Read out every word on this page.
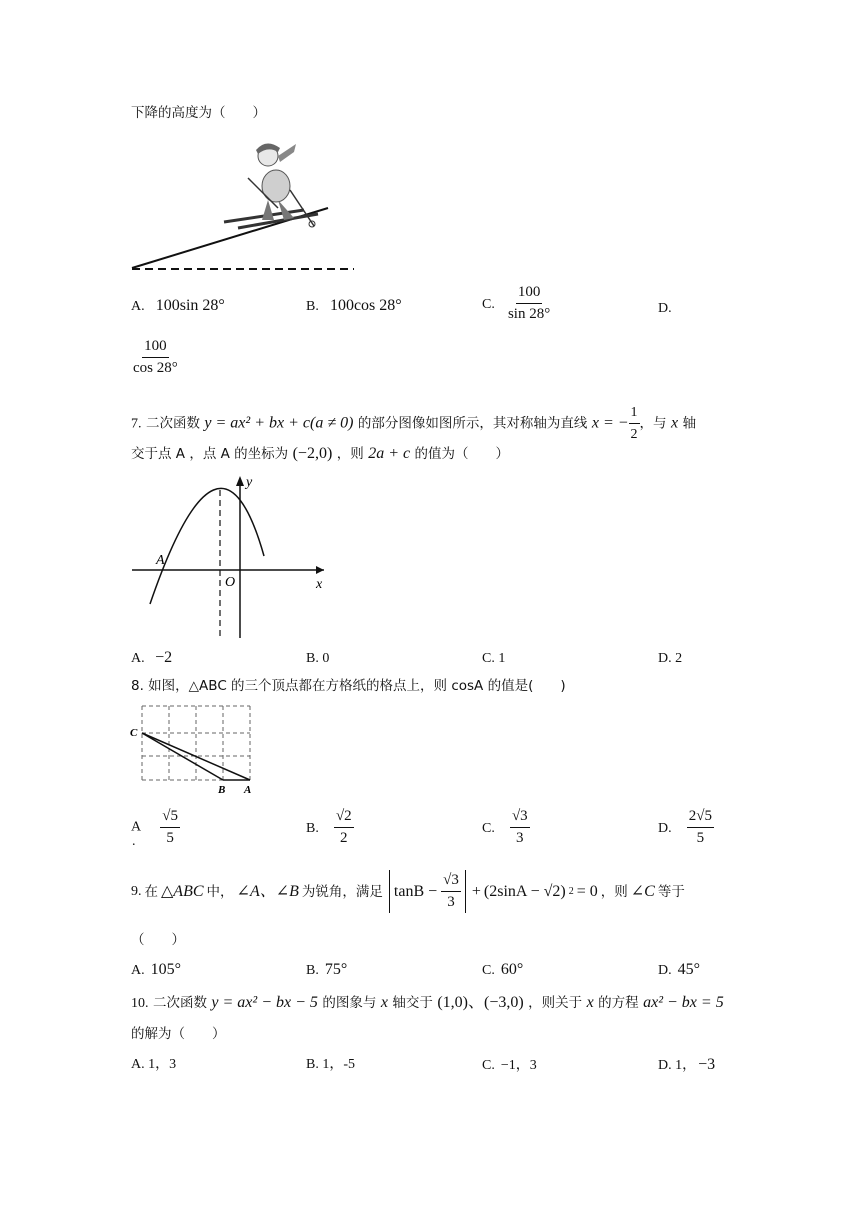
下降的高度为（　　）
A. 100sin 28°	B. 100cos 28°	C. $\frac{100}{\sin 28^\circ}$	D.
$\frac{100}{\cos 28^\circ}$
7. 二次函数 y = ax² + bx + c(a ≠ 0) 的部分图像如图所示，其对称轴为直线 x = − $\frac{1}{2}$ ，与 x 轴
交于点 A ，点 A 的坐标为 (−2,0) ，则 2a + c 的值为（　　）
y
x
O
A
A. −2	B. 0	C. 1	D. 2
8. 如图，△ABC 的三个顶点都在方格纸的格点上，则 cosA 的值是(　　)
C
B A
A $\frac{√5}{5}$
.
B. $\frac{√2}{2}$	C. $\frac{√3}{3}$	D. $\frac{2√5}{5}$
9. 在 △ABC 中， ∠A、∠B 为锐角，满足 $\tan B - \frac{√3}{3} + (2\sin A - √2) 2 = 0$ ，则 ∠C 等于
（　　）
A. 105°	B. 75°	C. 60°	D. 45°
10. 二次函数 y = ax² − bx − 5 的图象与 x 轴交于 (1,0)、(−3,0) ，则关于 x 的方程 ax² − bx = 5
的解为（　　）
A. 1，3	B. 1，-5	C. −1，3	D. 1， −3
